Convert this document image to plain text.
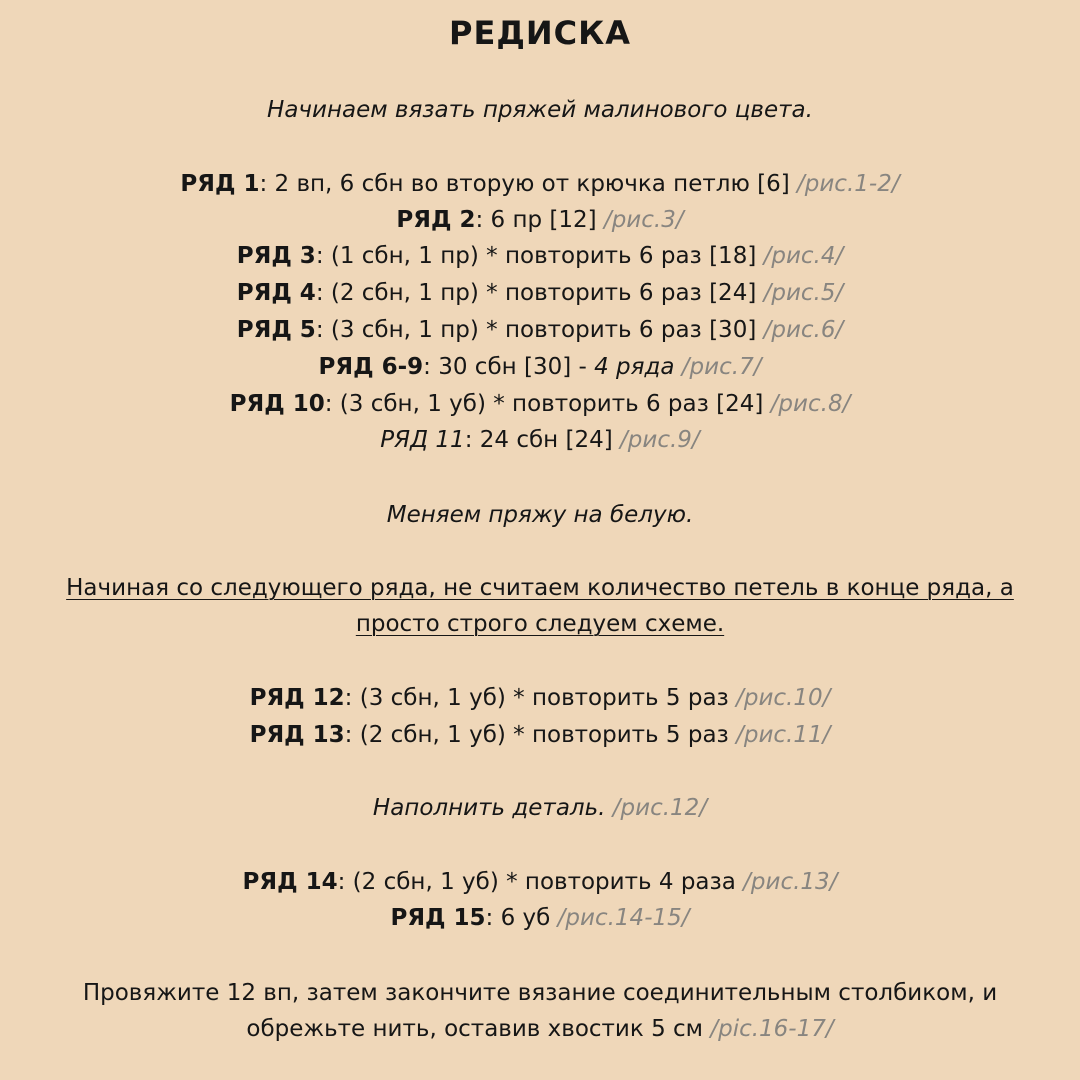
РЕДИСКА
Начинаем вязать пряжей малинового цвета.
РЯД 1: 2 вп, 6 сбн во вторую от крючка петлю [6] /рис.1-2/
РЯД 2: 6 пр [12] /рис.3/
РЯД 3: (1 сбн, 1 пр) * повторить 6 раз [18] /рис.4/
РЯД 4: (2 сбн, 1 пр) * повторить 6 раз [24] /рис.5/
РЯД 5: (3 сбн, 1 пр) * повторить 6 раз [30] /рис.6/
РЯД 6-9: 30 сбн [30] - 4 ряда /рис.7/
РЯД 10: (3 сбн, 1 уб) * повторить 6 раз [24] /рис.8/
РЯД 11: 24 сбн [24] /рис.9/
Меняем пряжу на белую.
Начиная со следующего ряда, не считаем количество петель в конце ряда, а
просто строго следуем схеме.
РЯД 12: (3 сбн, 1 уб) * повторить 5 раз /рис.10/
РЯД 13: (2 сбн, 1 уб) * повторить 5 раз /рис.11/
Наполнить деталь. /рис.12/
РЯД 14: (2 сбн, 1 уб) * повторить 4 раза /рис.13/
РЯД 15: 6 уб /рис.14-15/
Провяжите 12 вп, затем закончите вязание соединительным столбиком, и
обрежьте нить, оставив хвостик 5 см /pic.16-17/
